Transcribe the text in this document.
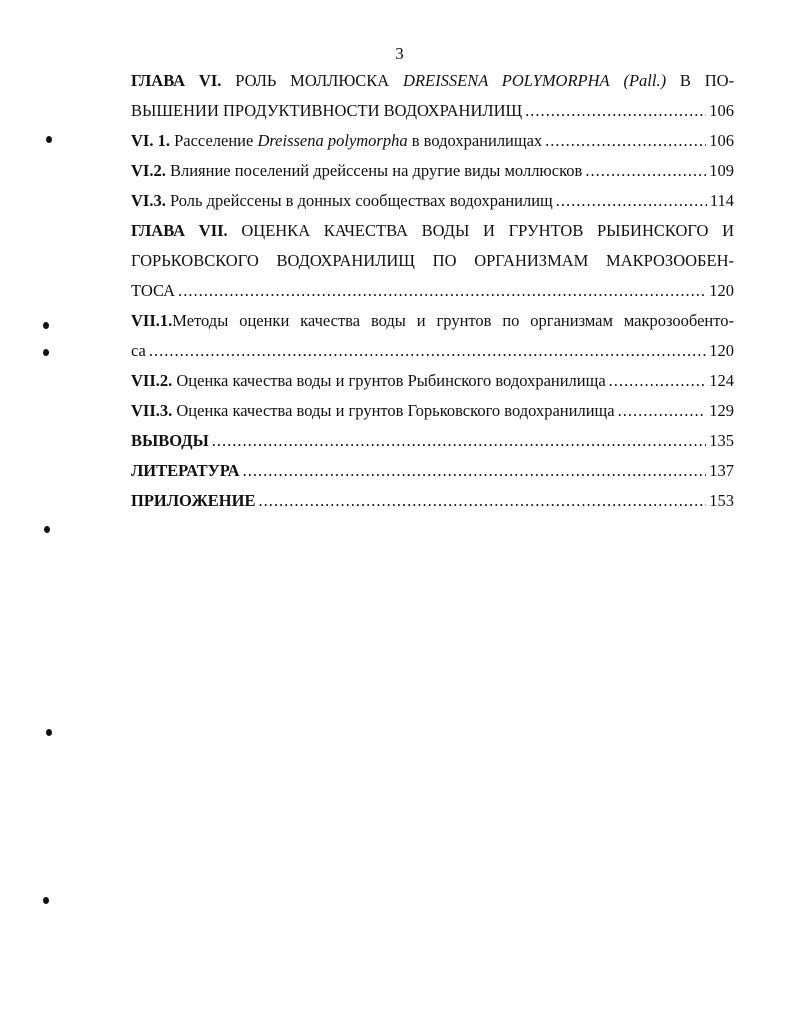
3
ГЛАВА VI. РОЛЬ МОЛЛЮСКА DREISSENA POLYMORPHA (Pall.) В ПО-
ВЫШЕНИИ ПРОДУКТИВНОСТИ ВОДОХРАНИЛИЩ .....	106
VI. 1. Расселение Dreissena polymorpha в водохранилищах .....	106
VI.2. Влияние поселений дрейссены на другие виды моллюсков .....	109
VI.3. Роль дрейссены в донных сообществах водохранилищ .....	114
ГЛАВА VII. ОЦЕНКА КАЧЕСТВА ВОДЫ И ГРУНТОВ РЫБИНСКОГО И
ГОРЬКОВСКОГО ВОДОХРАНИЛИЩ ПО ОРГАНИЗМАМ МАКРОЗООБЕН-
ТОСА .....	120
VII.1.Методы оценки качества воды и грунтов по организмам макрозообенто-
са .....	120
VII.2. Оценка качества воды и грунтов Рыбинского водохранилища .....	124
VII.3. Оценка качества воды и грунтов Горьковского водохранилища .....	129
ВЫВОДЫ .....	135
ЛИТЕРАТУРА .....	137
ПРИЛОЖЕНИЕ .....	153
